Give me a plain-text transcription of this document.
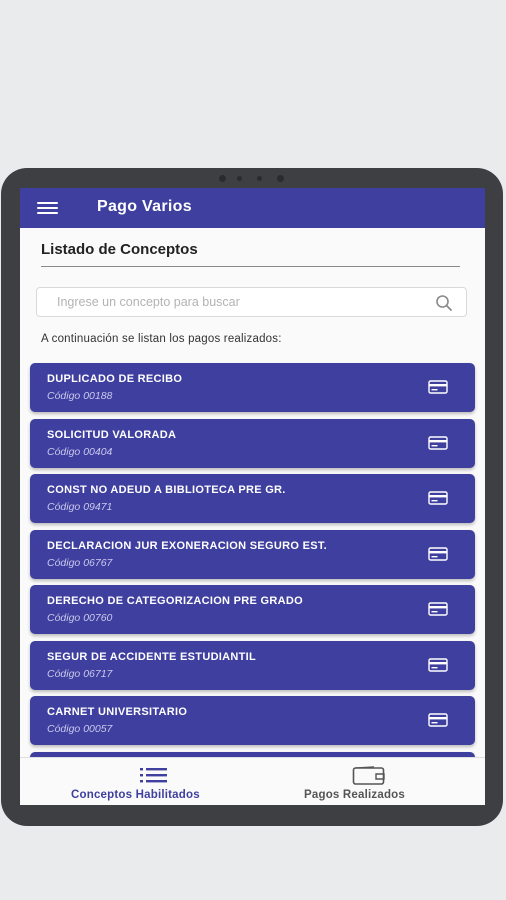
Pago Varios
Listado de Conceptos
Ingrese un concepto para buscar
A continuación se listan los pagos realizados:
DUPLICADO DE RECIBO
Código 00188
SOLICITUD VALORADA
Código 00404
CONST NO ADEUD A BIBLIOTECA PRE GR.
Código 09471
DECLARACION JUR EXONERACION SEGURO EST.
Código 06767
DERECHO DE CATEGORIZACION PRE GRADO
Código 00760
SEGUR DE ACCIDENTE ESTUDIANTIL
Código 06717
CARNET UNIVERSITARIO
Código 00057
Conceptos Habilitados	Pagos Realizados
